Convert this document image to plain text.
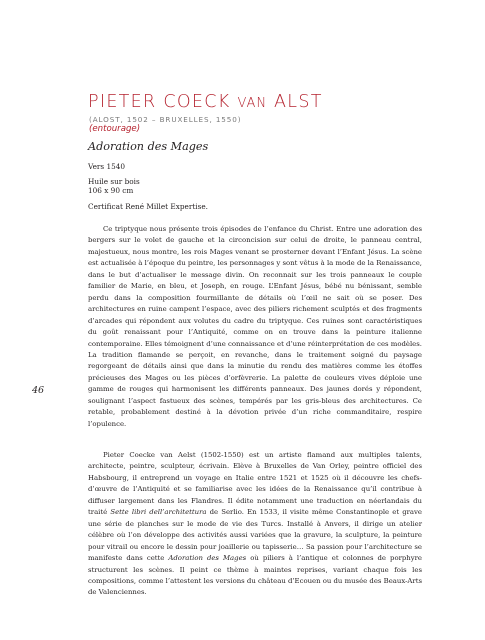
PIETER COECK VAN ALST
(ALOST, 1502 – BRUXELLES, 1550)
(entourage)
Adoration des Mages
Vers 1540
Huile sur bois
106 x 90 cm
Certificat René Millet Expertise.
46

Ce triptyque nous présente trois épisodes de l’enfance du Christ. Entre une adoration des bergers sur le volet de gauche et la circoncision sur celui de droite, le panneau central, majestueux, nous montre, les rois Mages venant se prosterner devant l’Enfant Jésus. La scène est actualisée à l’époque du peintre, les personnages y sont vêtus à la mode de la Renaissance, dans le but d’actualiser le message divin. On reconnait sur les trois panneaux le couple familier de Marie, en bleu, et Joseph, en rouge. L’Enfant Jésus, bébé nu bénissant, semble perdu dans la composition fourmillante de détails où l’œil ne sait où se poser. Des architectures en ruine campent l’espace, avec des piliers richement sculptés et des fragments d’arcades qui répondent aux volutes du cadre du triptyque. Ces ruines sont caractéristiques du goût renaissant pour l’Antiquité, comme on en trouve dans la peinture italienne contemporaine. Elles témoignent d’une connaissance et d’une réinterprétation de ces modèles. La tradition flamande se perçoit, en revanche, dans le traitement soigné du paysage regorgeant de détails ainsi que dans la minutie du rendu des matières comme les étoffes précieuses des Mages ou les pièces d’orfèvrerie. La palette de couleurs vives déploie une gamme de rouges qui harmonisent les différents panneaux. Des jaunes dorés y répondent, soulignant l’aspect fastueux des scènes, tempérés par les gris-bleus des architectures. Ce retable, probablement destiné à la dévotion privée d’un riche commanditaire, respire l’opulence.

Pieter Coecke van Aelst (1502-1550) est un artiste flamand aux multiples talents, architecte, peintre, sculpteur, écrivain. Elève à Bruxelles de Van Orley, peintre officiel des Habsbourg, il entreprend un voyage en Italie entre 1521 et 1525 où il découvre les chefs-d’œuvre de l’Antiquité et se familiarise avec les idées de la Renaissance qu’il contribue à diffuser largement dans les Flandres. Il édite notamment une traduction en néerlandais du traité Sette libri dell’architettura de Serlio. En 1533, il visite même Constantinople et grave une série de planches sur le mode de vie des Turcs. Installé à Anvers, il dirige un atelier célèbre où l’on développe des activités aussi variées que la gravure, la sculpture, la peinture pour vitrail ou encore le dessin pour joaillerie ou tapisserie… Sa passion pour l’architecture se manifeste dans cette Adoration des Mages où piliers à l’antique et colonnes de porphyre structurent les scènes. Il peint ce thème à maintes reprises, variant chaque fois les compositions, comme l’attestent les versions du château d’Ecouen ou du musée des Beaux-Arts de Valenciennes.
